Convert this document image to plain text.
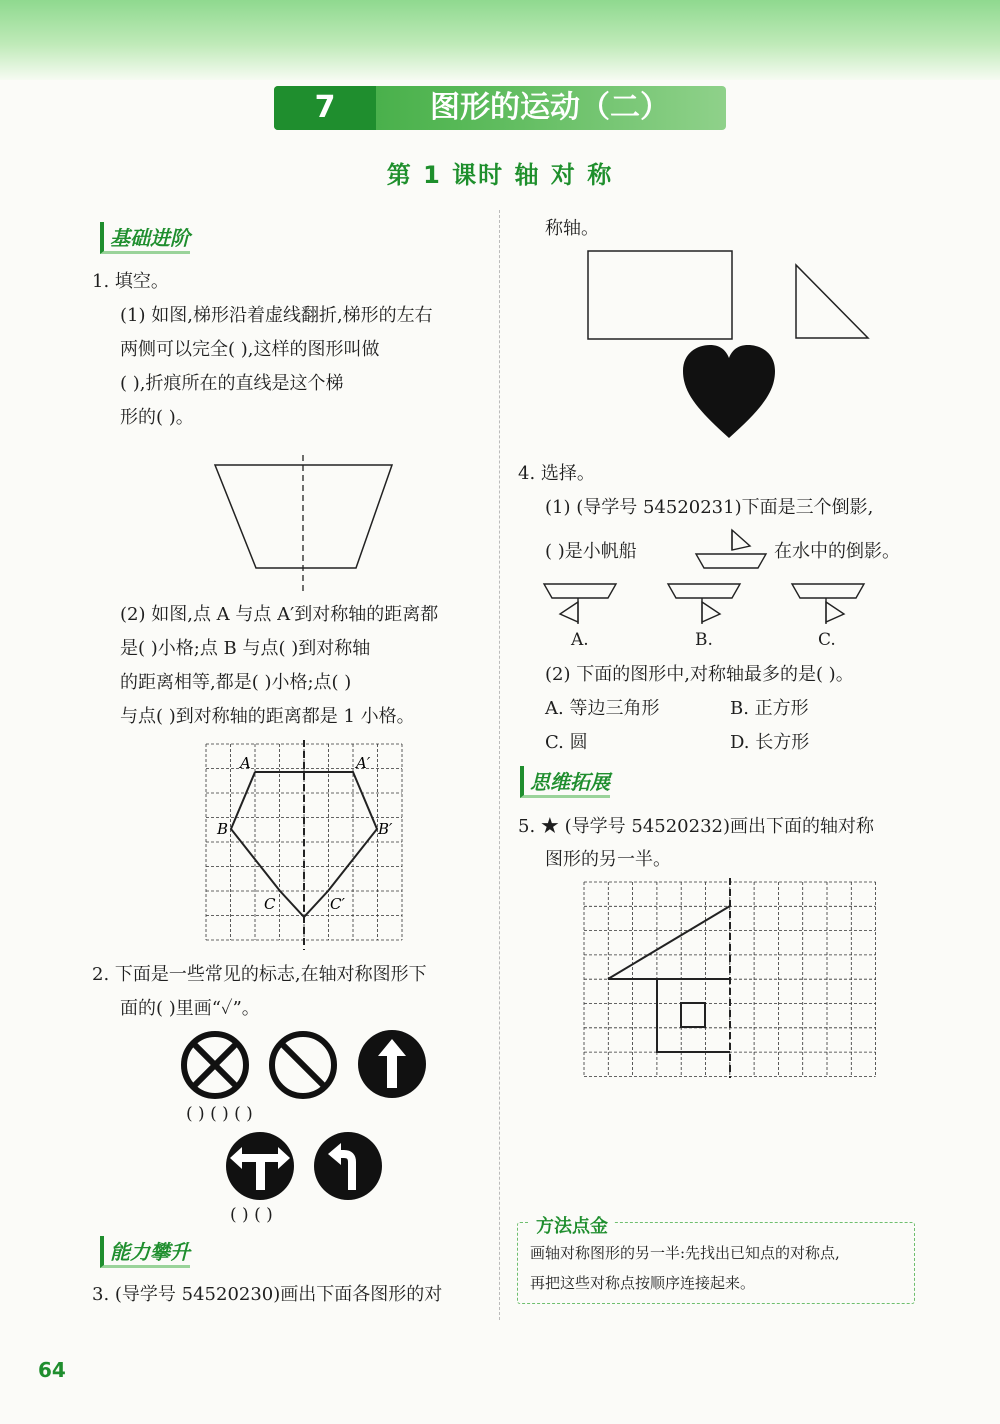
7	图形的运动（二）
第 1 课时 轴 对 称
基础进阶
1. 填空。
(1) 如图,梯形沿着虚线翻折,梯形的左右
两侧可以完全( ),这样的图形叫做
( ),折痕所在的直线是这个梯
形的( )。
(2) 如图,点 A 与点 A′到对称轴的距离都
是( )小格;点 B 与点( )到对称轴
的距离相等,都是( )小格;点( )
与点( )到对称轴的距离都是 1 小格。
A	A′
B	B′
C	C′
2. 下面是一些常见的标志,在轴对称图形下
面的( )里画“✓”。
( ) ( ) ( )
( ) ( )
能力攀升
3. (导学号 54520230)画出下面各图形的对
称轴。
4. 选择。
(1) (导学号 54520231)下面是三个倒影,
( )是小帆船	在水中的倒影。
A.	B.	C.
(2) 下面的图形中,对称轴最多的是( )。
A. 等边三角形	B. 正方形
C. 圆	D. 长方形
思维拓展
5. ★ (导学号 54520232)画出下面的轴对称
图形的另一半。
方法点金
画轴对称图形的另一半:先找出已知点的对称点,
再把这些对称点按顺序连接起来。
64
